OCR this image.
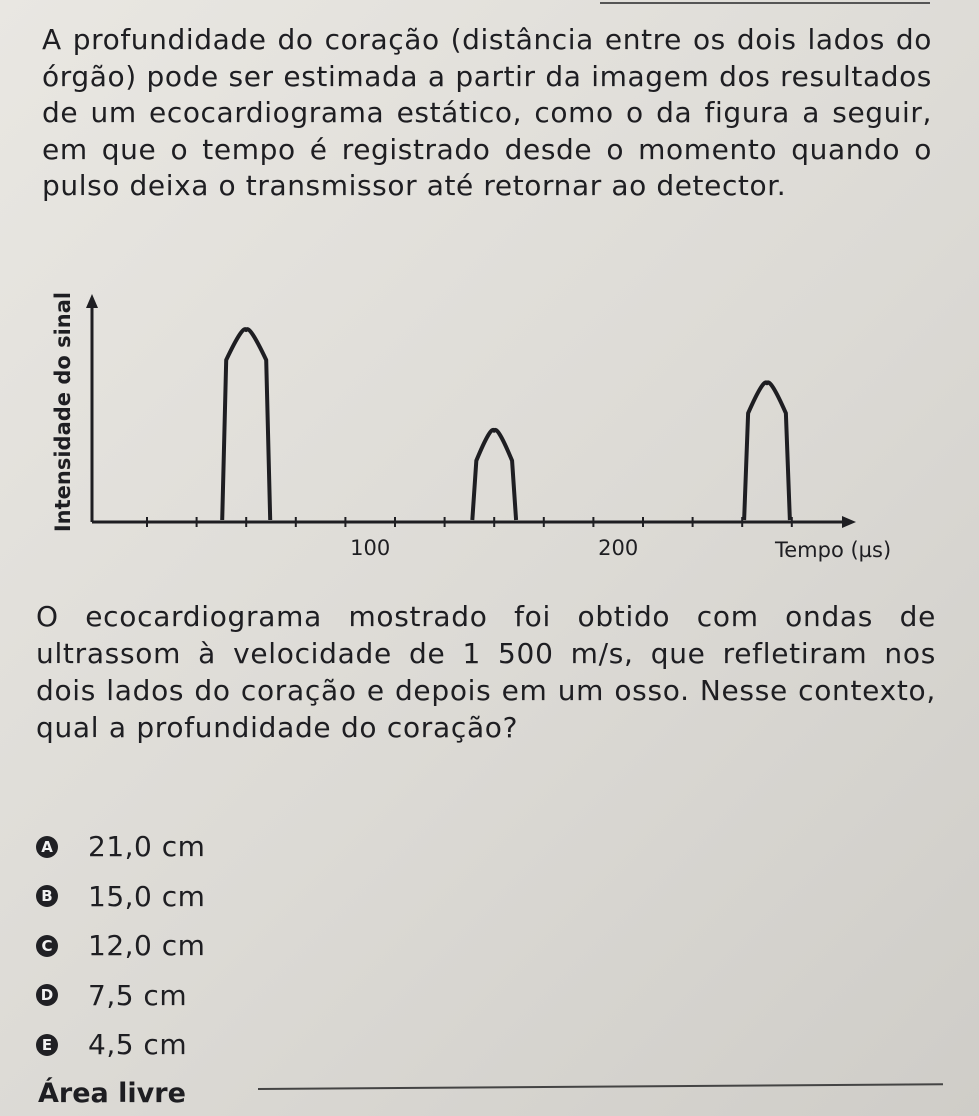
A profundidade do coração (distância entre os dois lados do órgão) pode ser estimada a partir da imagem dos resultados de um ecocardiograma estático, como o da figura a seguir, em que o tempo é registrado desde o momento quando o pulso deixa o transmissor até retornar ao detector.
Intensidade do sinal
Tempo (µs)
100	200
O ecocardiograma mostrado foi obtido com ondas de ultrassom à velocidade de 1 500 m/s, que refletiram nos dois lados do coração e depois em um osso. Nesse contexto, qual a profundidade do coração?
A 21,0 cm
B 15,0 cm
C 12,0 cm
D 7,5 cm
E 4,5 cm
Área livre
